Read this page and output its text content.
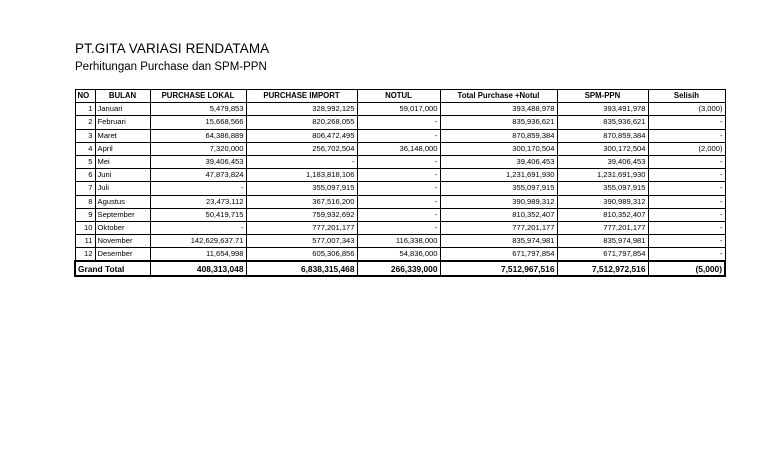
PT.GITA VARIASI RENDATAMA
Perhitungan Purchase dan SPM-PPN
NO	BULAN	PURCHASE LOKAL	PURCHASE IMPORT	NOTUL	Total Purchase +Notul	SPM-PPN	Selisih
1	Januari	5,479,853	328,992,125	59,017,000	393,488,978	393,491,978	(3,000)
2	Februari	15,668,566	820,268,055	-	835,936,621	835,936,621	-
3	Maret	64,386,889	806,472,495	-	870,859,384	870,859,384	-
4	April	7,320,000	256,702,504	36,148,000	300,170,504	300,172,504	(2,000)
5	Mei	39,406,453	-	-	39,406,453	39,406,453	-
6	Juni	47,873,824	1,183,818,106	-	1,231,691,930	1,231,691,930	-
7	Juli	-	355,097,915	-	355,097,915	355,097,915	-
8	Agustus	23,473,112	367,516,200	-	390,989,312	390,989,312	-
9	September	50,419,715	759,932,692	-	810,352,407	810,352,407	-
10	Oktober	-	777,201,177	-	777,201,177	777,201,177	-
11	November	142,629,637.71	577,007,343	116,338,000	835,974,981	835,974,981	-
12	Desember	11,654,998	605,306,856	54,836,000	671,797,854	671,797,854	-
Grand Total		408,313,048	6,838,315,468	266,339,000	7,512,967,516	7,512,972,516	(5,000)
